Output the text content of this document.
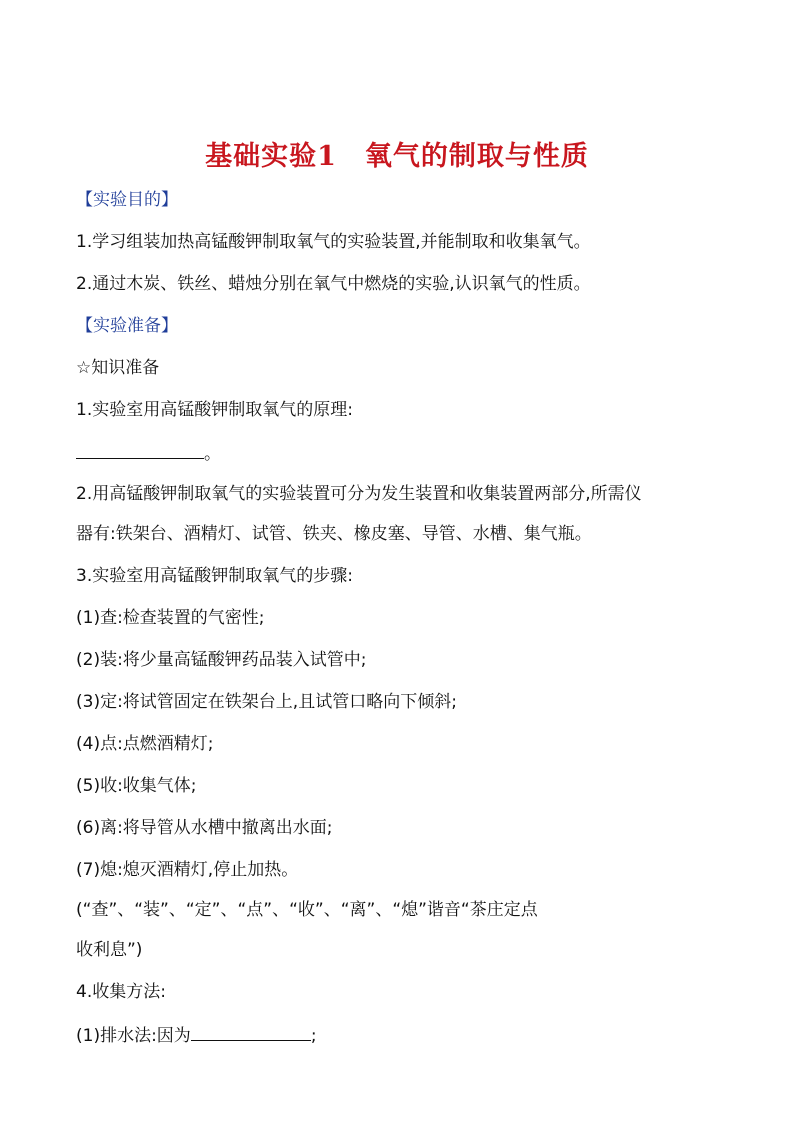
基础实验1　氧气的制取与性质
【实验目的】
1.学习组装加热高锰酸钾制取氧气的实验装置,并能制取和收集氧气。
2.通过木炭、铁丝、蜡烛分别在氧气中燃烧的实验,认识氧气的性质。
【实验准备】
☆知识准备
1.实验室用高锰酸钾制取氧气的原理:
。
2.用高锰酸钾制取氧气的实验装置可分为发生装置和收集装置两部分,所需仪
器有:铁架台、酒精灯、试管、铁夹、橡皮塞、导管、水槽、集气瓶。
3.实验室用高锰酸钾制取氧气的步骤:
(1)查:检查装置的气密性;
(2)装:将少量高锰酸钾药品装入试管中;
(3)定:将试管固定在铁架台上,且试管口略向下倾斜;
(4)点:点燃酒精灯;
(5)收:收集气体;
(6)离:将导管从水槽中撤离出水面;
(7)熄:熄灭酒精灯,停止加热。
(“查”、“装”、“定”、“点”、“收”、“离”、“熄”谐音“茶庄定点
收利息”)
4.收集方法:
(1)排水法:因为	;
